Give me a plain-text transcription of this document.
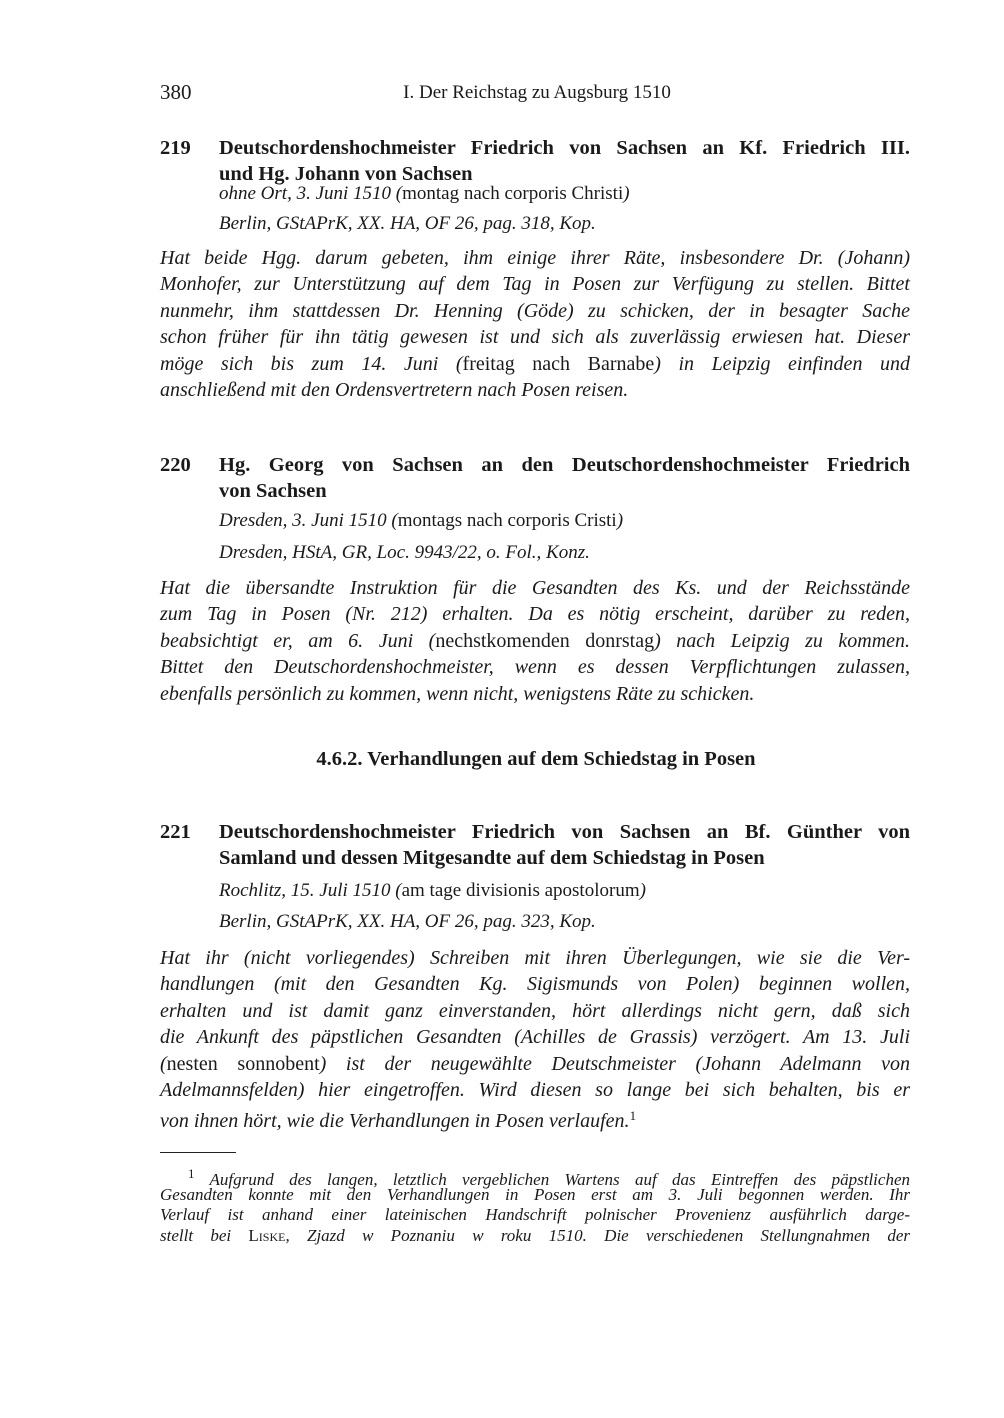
380	I. Der Reichstag zu Augsburg 1510
219 Deutschordenshochmeister Friedrich von Sachsen an Kf. Friedrich III.
und Hg. Johann von Sachsen
ohne Ort, 3. Juni 1510 (montag nach corporis Christi)
Berlin, GStAPrK, XX. HA, OF 26, pag. 318, Kop.
Hat beide Hgg. darum gebeten, ihm einige ihrer Räte, insbesondere Dr. (Johann)
Monhofer, zur Unterstützung auf dem Tag in Posen zur Verfügung zu stellen. Bittet
nunmehr, ihm stattdessen Dr. Henning (Göde) zu schicken, der in besagter Sache
schon früher für ihn tätig gewesen ist und sich als zuverlässig erwiesen hat. Dieser
möge sich bis zum 14. Juni (freitag nach Barnabe) in Leipzig einfinden und
anschließend mit den Ordensvertretern nach Posen reisen.
220 Hg. Georg von Sachsen an den Deutschordenshochmeister Friedrich
von Sachsen
Dresden, 3. Juni 1510 (montags nach corporis Cristi)
Dresden, HStA, GR, Loc. 9943/22, o. Fol., Konz.
Hat die übersandte Instruktion für die Gesandten des Ks. und der Reichsstände
zum Tag in Posen (Nr. 212) erhalten. Da es nötig erscheint, darüber zu reden,
beabsichtigt er, am 6. Juni (nechstkomenden donrstag) nach Leipzig zu kommen.
Bittet den Deutschordenshochmeister, wenn es dessen Verpflichtungen zulassen,
ebenfalls persönlich zu kommen, wenn nicht, wenigstens Räte zu schicken.
221 Deutschordenshochmeister Friedrich von Sachsen an Bf. Günther von
Samland und dessen Mitgesandte auf dem Schiedstag in Posen
Rochlitz, 15. Juli 1510 (am tage divisionis apostolorum)
Berlin, GStAPrK, XX. HA, OF 26, pag. 323, Kop.
Hat ihr (nicht vorliegendes) Schreiben mit ihren Überlegungen, wie sie die Ver-
handlungen (mit den Gesandten Kg. Sigismunds von Polen) beginnen wollen,
erhalten und ist damit ganz einverstanden, hört allerdings nicht gern, daß sich
die Ankunft des päpstlichen Gesandten (Achilles de Grassis) verzögert. Am 13. Juli
(nesten sonnobent) ist der neugewählte Deutschmeister (Johann Adelmann von
Adelmannsfelden) hier eingetroffen. Wird diesen so lange bei sich behalten, bis er
von ihnen hört, wie die Verhandlungen in Posen verlaufen.$^1$
4.6.2. Verhandlungen auf dem Schiedstag in Posen
$^1$ Aufgrund des langen, letztlich vergeblichen Wartens auf das Eintreffen des päpstlichen
Gesandten konnte mit den Verhandlungen in Posen erst am 3. Juli begonnen werden. Ihr
Verlauf ist anhand einer lateinischen Handschrift polnischer Provenienz ausführlich darge-
stellt bei Liske, Zjazd w Poznaniu w roku 1510. Die verschiedenen Stellungnahmen der
